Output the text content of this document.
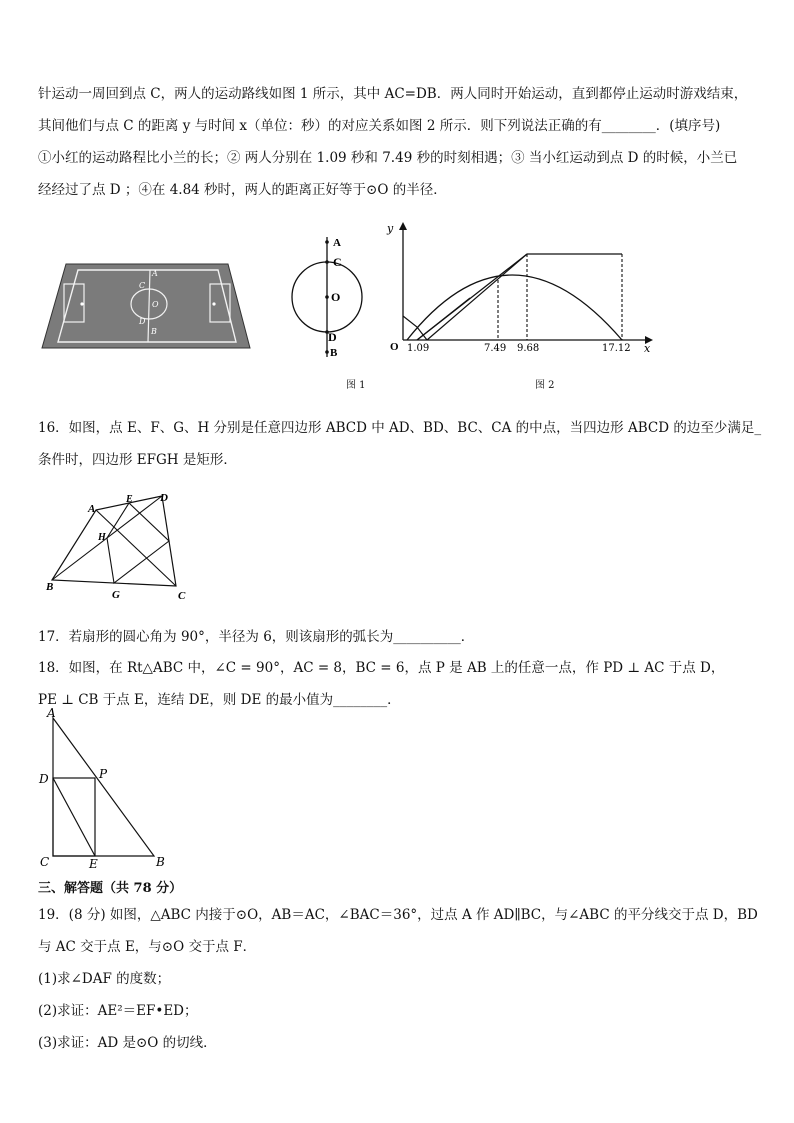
针运动一周回到点 C，两人的运动路线如图 1 所示，其中 AC=DB．两人同时开始运动，直到都停止运动时游戏结束，
其间他们与点 C 的距离 y 与时间 x（单位：秒）的对应关系如图 2 所示．则下列说法正确的有________．(填序号)
①小红的运动路程比小兰的长；② 两人分别在 1.09 秒和 7.49 秒的时刻相遇；③ 当小红运动到点 D 的时候，小兰已
经经过了点 D ；④在 4.84 秒时，两人的距离正好等于⊙O 的半径．
A
C
O
D
B
A
C
O
D
B
图 1
y
x
O 1.09	7.49 9.68	17.12
图 2
16．如图，点 E、F、G、H 分别是任意四边形 ABCD 中 AD、BD、BC、CA 的中点，当四边形 ABCD 的边至少满足_
条件时，四边形 EFGH 是矩形．
A
E D
H
B
G	C
17．若扇形的圆心角为 90°，半径为 6，则该扇形的弧长为__________．
18．如图，在 Rt△ABC 中，∠C = 90°，AC = 8，BC = 6，点 P 是 AB 上的任意一点，作 PD ⊥ AC 于点 D，
PE ⊥ CB 于点 E，连结 DE，则 DE 的最小值为________．
A
D	P
C	E	B
三、解答题（共 78 分）
19．(8 分) 如图，△ABC 内接于⊙O，AB＝AC，∠BAC＝36°，过点 A 作 AD∥BC，与∠ABC 的平分线交于点 D，BD
与 AC 交于点 E，与⊙O 交于点 F．
(1)求∠DAF 的度数；
(2)求证：AE²＝EF•ED；
(3)求证：AD 是⊙O 的切线．
